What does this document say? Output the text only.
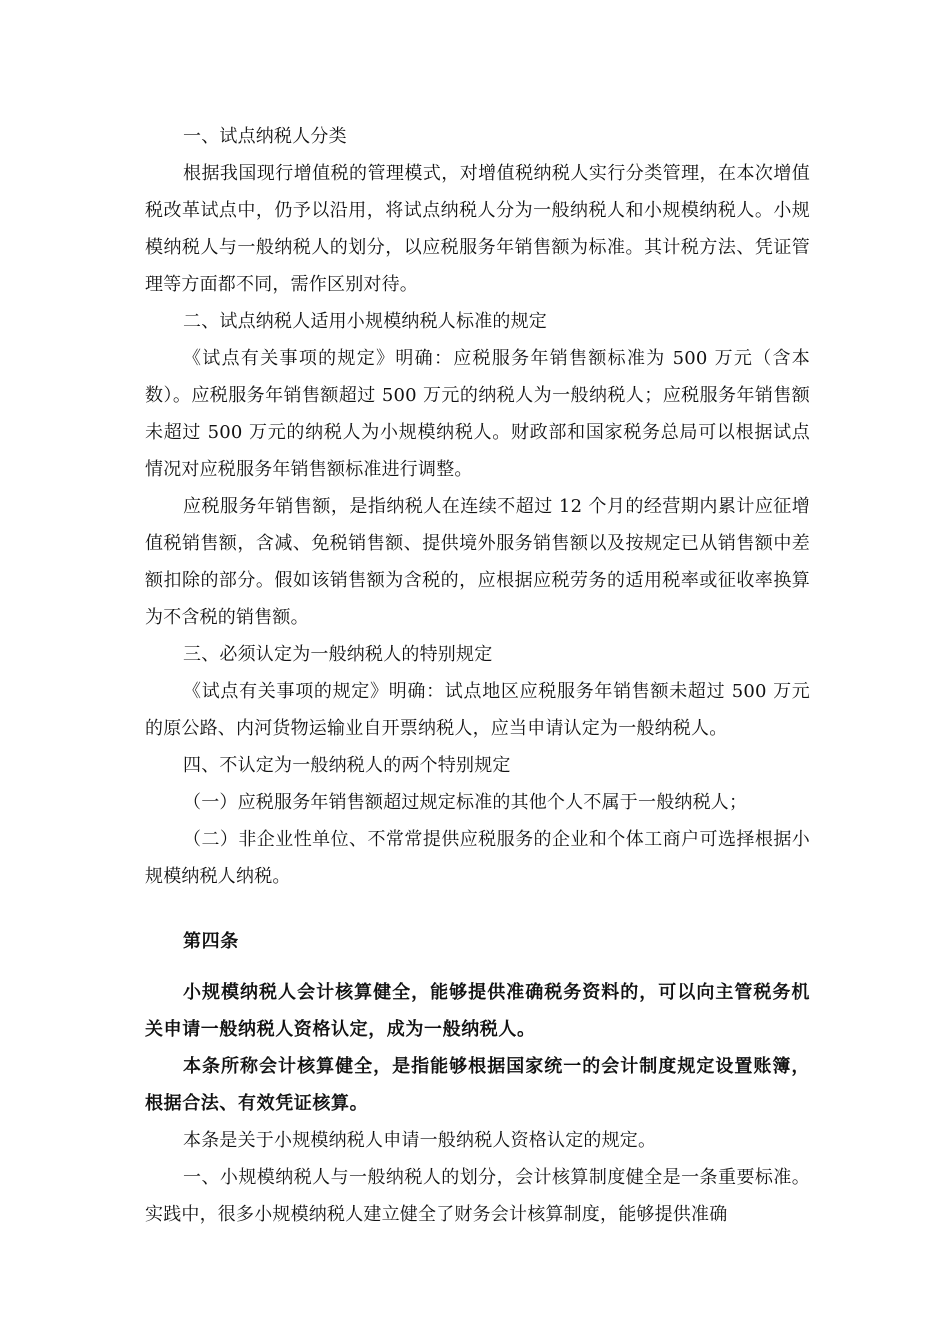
一、试点纳税人分类

根据我国现行增值税的管理模式，对增值税纳税人实行分类管理，在本次增值税改革试点中，仍予以沿用，将试点纳税人分为一般纳税人和小规模纳税人。小规模纳税人与一般纳税人的划分，以应税服务年销售额为标准。其计税方法、凭证管理等方面都不同，需作区别对待。

二、试点纳税人适用小规模纳税人标准的规定

《试点有关事项的规定》明确：应税服务年销售额标准为 500 万元（含本数）。应税服务年销售额超过 500 万元的纳税人为一般纳税人；应税服务年销售额未超过 500 万元的纳税人为小规模纳税人。财政部和国家税务总局可以根据试点情况对应税服务年销售额标准进行调整。

应税服务年销售额，是指纳税人在连续不超过 12 个月的经营期内累计应征增值税销售额，含减、免税销售额、提供境外服务销售额以及按规定已从销售额中差额扣除的部分。假如该销售额为含税的，应根据应税劳务的适用税率或征收率换算为不含税的销售额。

三、必须认定为一般纳税人的特别规定

《试点有关事项的规定》明确：试点地区应税服务年销售额未超过 500 万元的原公路、内河货物运输业自开票纳税人，应当申请认定为一般纳税人。

四、不认定为一般纳税人的两个特别规定

（一）应税服务年销售额超过规定标准的其他个人不属于一般纳税人；

（二）非企业性单位、不常常提供应税服务的企业和个体工商户可选择根据小规模纳税人纳税。

第四条

小规模纳税人会计核算健全，能够提供准确税务资料的，可以向主管税务机关申请一般纳税人资格认定，成为一般纳税人。

本条所称会计核算健全，是指能够根据国家统一的会计制度规定设置账簿，根据合法、有效凭证核算。

本条是关于小规模纳税人申请一般纳税人资格认定的规定。

一、小规模纳税人与一般纳税人的划分，会计核算制度健全是一条重要标准。实践中，很多小规模纳税人建立健全了财务会计核算制度，能够提供准确
